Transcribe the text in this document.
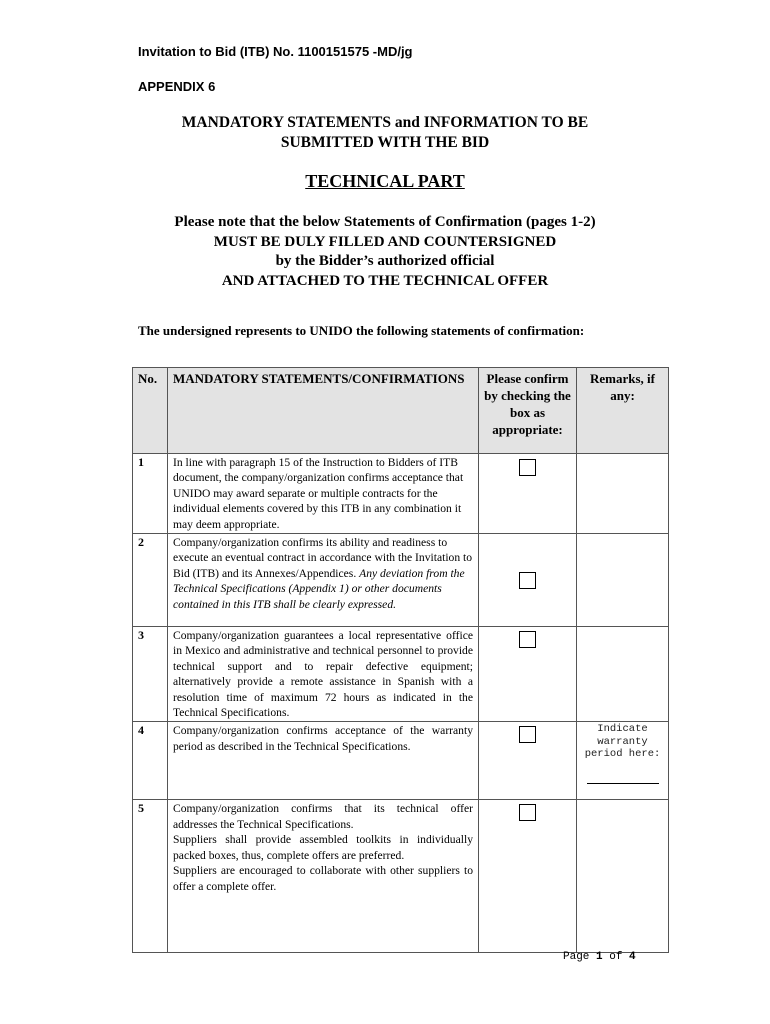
Invitation to Bid (ITB) No. 1100151575 -MD/jg
APPENDIX 6
MANDATORY STATEMENTS and INFORMATION TO BE
SUBMITTED WITH THE BID
TECHNICAL PART
Please note that the below Statements of Confirmation (pages 1-2)
MUST BE DULY FILLED AND COUNTERSIGNED
by the Bidder’s authorized official
AND ATTACHED TO THE TECHNICAL OFFER
The undersigned represents to UNIDO the following statements of confirmation:
No.	MANDATORY STATEMENTS/CONFIRMATIONS	Please confirm by checking the box as appropriate:	Remarks, if any:
1	In line with paragraph 15 of the Instruction to Bidders of ITB document, the company/organization confirms acceptance that UNIDO may award separate or multiple contracts for the individual elements covered by this ITB in any combination it may deem appropriate.	

2	Company/organization confirms its ability and readiness to execute an eventual contract in accordance with the Invitation to Bid (ITB) and its Annexes/Appendices. Any deviation from the Technical Specifications (Appendix 1) or other documents contained in this ITB shall be clearly expressed.	

3	Company/organization guarantees a local representative office in Mexico and administrative and technical personnel to provide technical support and to repair defective equipment; alternatively provide a remote assistance in Spanish with a resolution time of maximum 72 hours as indicated in the Technical Specifications.	

4	Company/organization confirms acceptance of the warranty period as described in the Technical Specifications.		Indicate warranty period here:

5	Company/organization confirms that its technical offer addresses the Technical Specifications.
Suppliers shall provide assembled toolkits in individually packed boxes, thus, complete offers are preferred.
Suppliers are encouraged to collaborate with other suppliers to offer a complete offer.		

Page 1 of 4
